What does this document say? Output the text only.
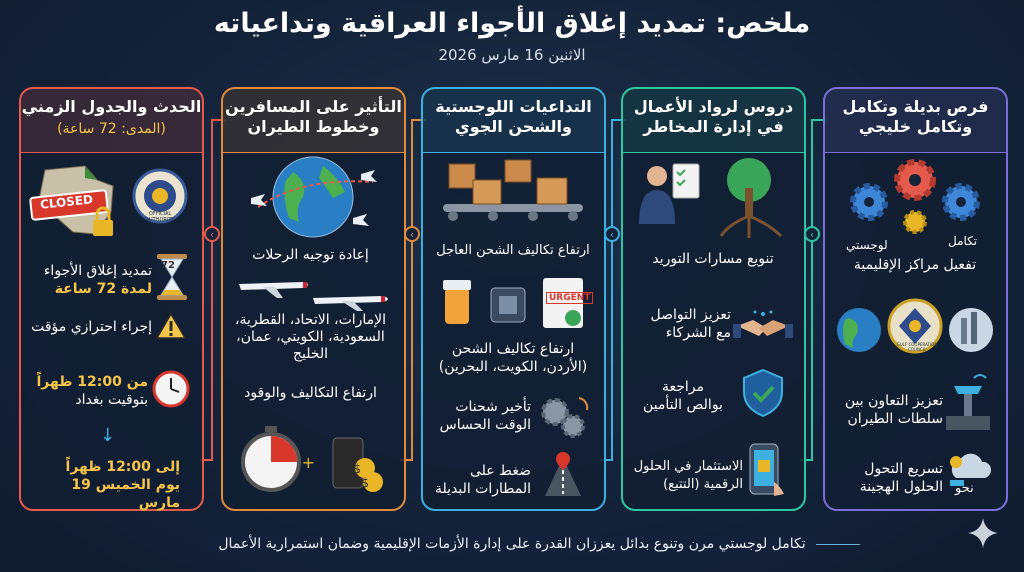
ملخص: تمديد إغلاق الأجواء العراقية وتداعياته
الاثنين 16 مارس 2026
الحدث والجدول الزمني
(المدى: 72 ساعة)
›
CLOSED
OFFICIAL AUTHORITY
72
تمديد إغلاق الأجواء
لمدة 72 ساعة
إجراء احترازي مؤقت
من 12:00 ظهراً
بتوقيت بغداد
↓
إلى 12:00 ظهراً
يوم الخميس 19 مارس
التأثير على المسافرين
وخطوط الطيران
›
إعادة توجيه الرحلات
الإمارات، الاتحاد، القطرية،
السعودية، الكويتي، عمان،
الخليج
ارتفاع التكاليف والوقود
+	$
$
التداعيات اللوجستية
والشحن الجوي
›
ارتفاع تكاليف الشحن العاجل
URGENT
ارتفاع تكاليف الشحن
(الأردن، الكويت، البحرين)
تأخير شحنات
الوقت الحساس
ضغط على
المطارات البديلة
دروس لرواد الأعمال
في إدارة المخاطر
›
تنويع مسارات التوريد
تعزيز التواصل
مع الشركاء
مراجعة
بوالص التأمين
الاستثمار في الحلول
الرقمية (التتبع)
فرص بديلة وتكامل
وتكامل خليجي
لوجستي	تكامل
تفعيل مراكز الإقليمية
GULF COOPERATION COUNCIL
تعزيز التعاون بين
سلطات الطيران
تسريع التحول
الحلول الهجينة نحو
تكامل لوجستي مرن وتنوع بدائل يعززان القدرة على إدارة الأزمات الإقليمية وضمان استمرارية الأعمال
